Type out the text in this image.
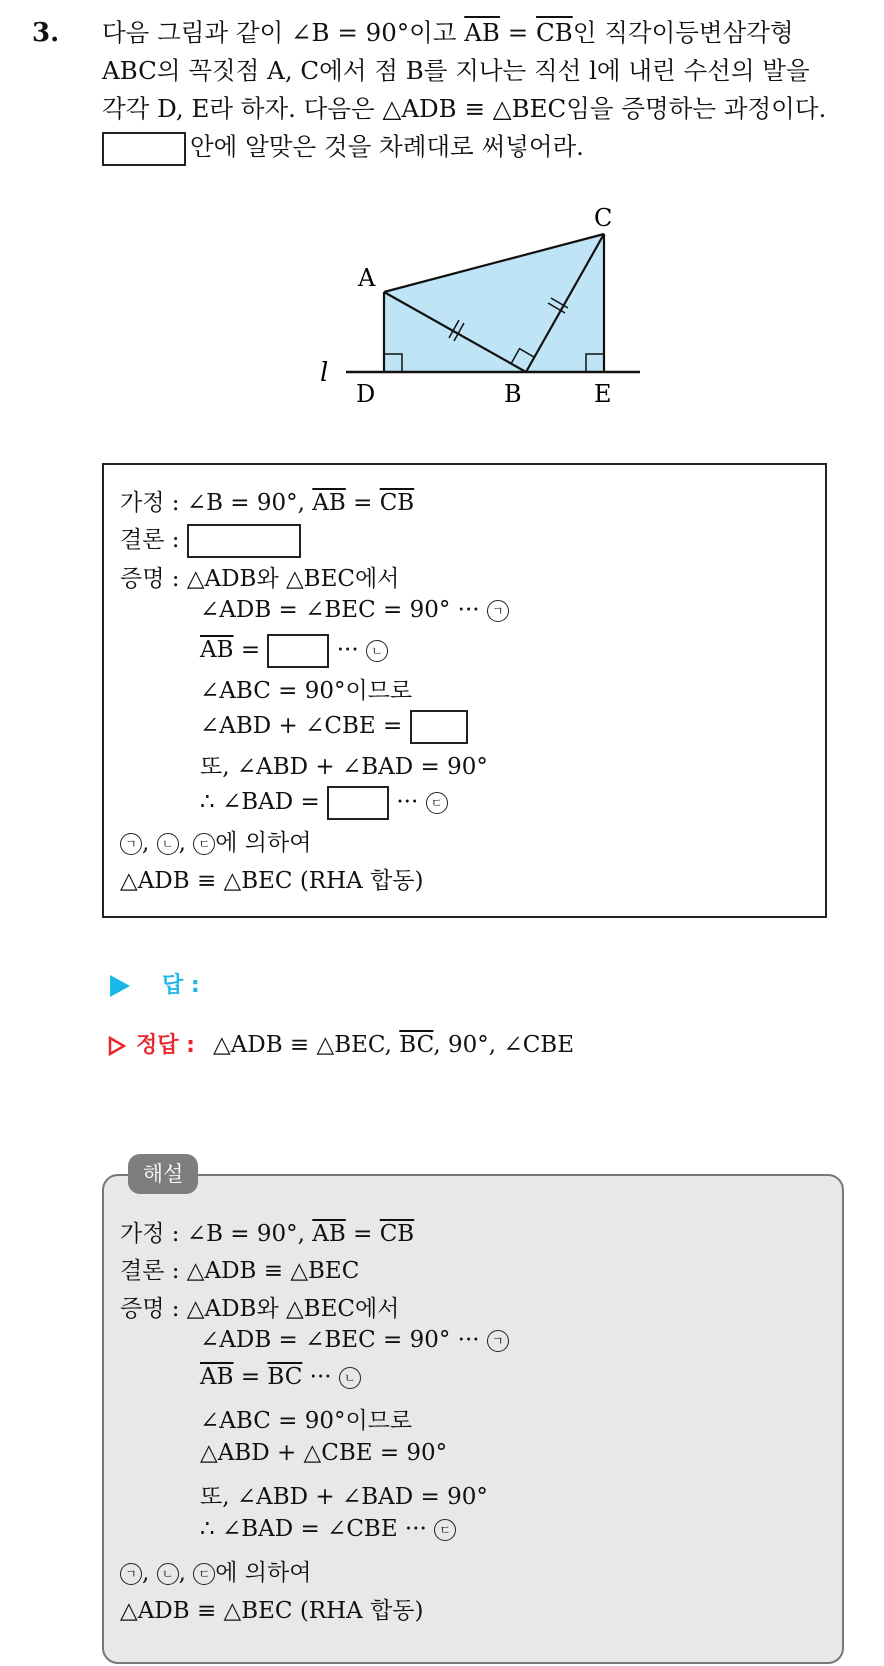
3. 다음 그림과 같이 ∠B = 90°이고 $\overline{AB} = \overline{CB}$인 직각이등변삼각형
ABC의 꼭짓점 A, C에서 점 B를 지나는 직선 l에 내린 수선의 발을
각각 D, E라 하자. 다음은 △ADB ≡ △BEC임을 증명하는 과정이다.
안에 알맞은 것을 차례대로 써넣어라.
A
C
D	B	E
l
가정 : ∠B = 90°, $\overline{AB} = \overline{CB}$
결론 :
증명 : △ADB와 △BEC에서
∠ADB = ∠BEC = 90° ··· ㄱ
$\overline{AB}$ =	··· ㄴ
∠ABC = 90°이므로
∠ABD + ∠CBE =
또, ∠ABD + ∠BAD = 90°
∴ ∠BAD =	··· ㄷ
ㄱ , ㄴ , ㄷ 에 의하여
△ADB ≡ △BEC (RHA 합동)
답 :
정답 : △ADB ≡ △BEC, $\overline{BC}$, 90°, ∠CBE
해설
가정 : ∠B = 90°, $\overline{AB} = \overline{CB}$
결론 : △ADB ≡ △BEC
증명 : △ADB와 △BEC에서
∠ADB = ∠BEC = 90° ··· ㄱ
$\overline{AB} = \overline{BC}$ ··· ㄴ
∠ABC = 90°이므로
△ABD + △CBE = 90°
또, ∠ABD + ∠BAD = 90°
∴ ∠BAD = ∠CBE ··· ㄷ
ㄱ , ㄴ , ㄷ 에 의하여
△ADB ≡ △BEC (RHA 합동)
